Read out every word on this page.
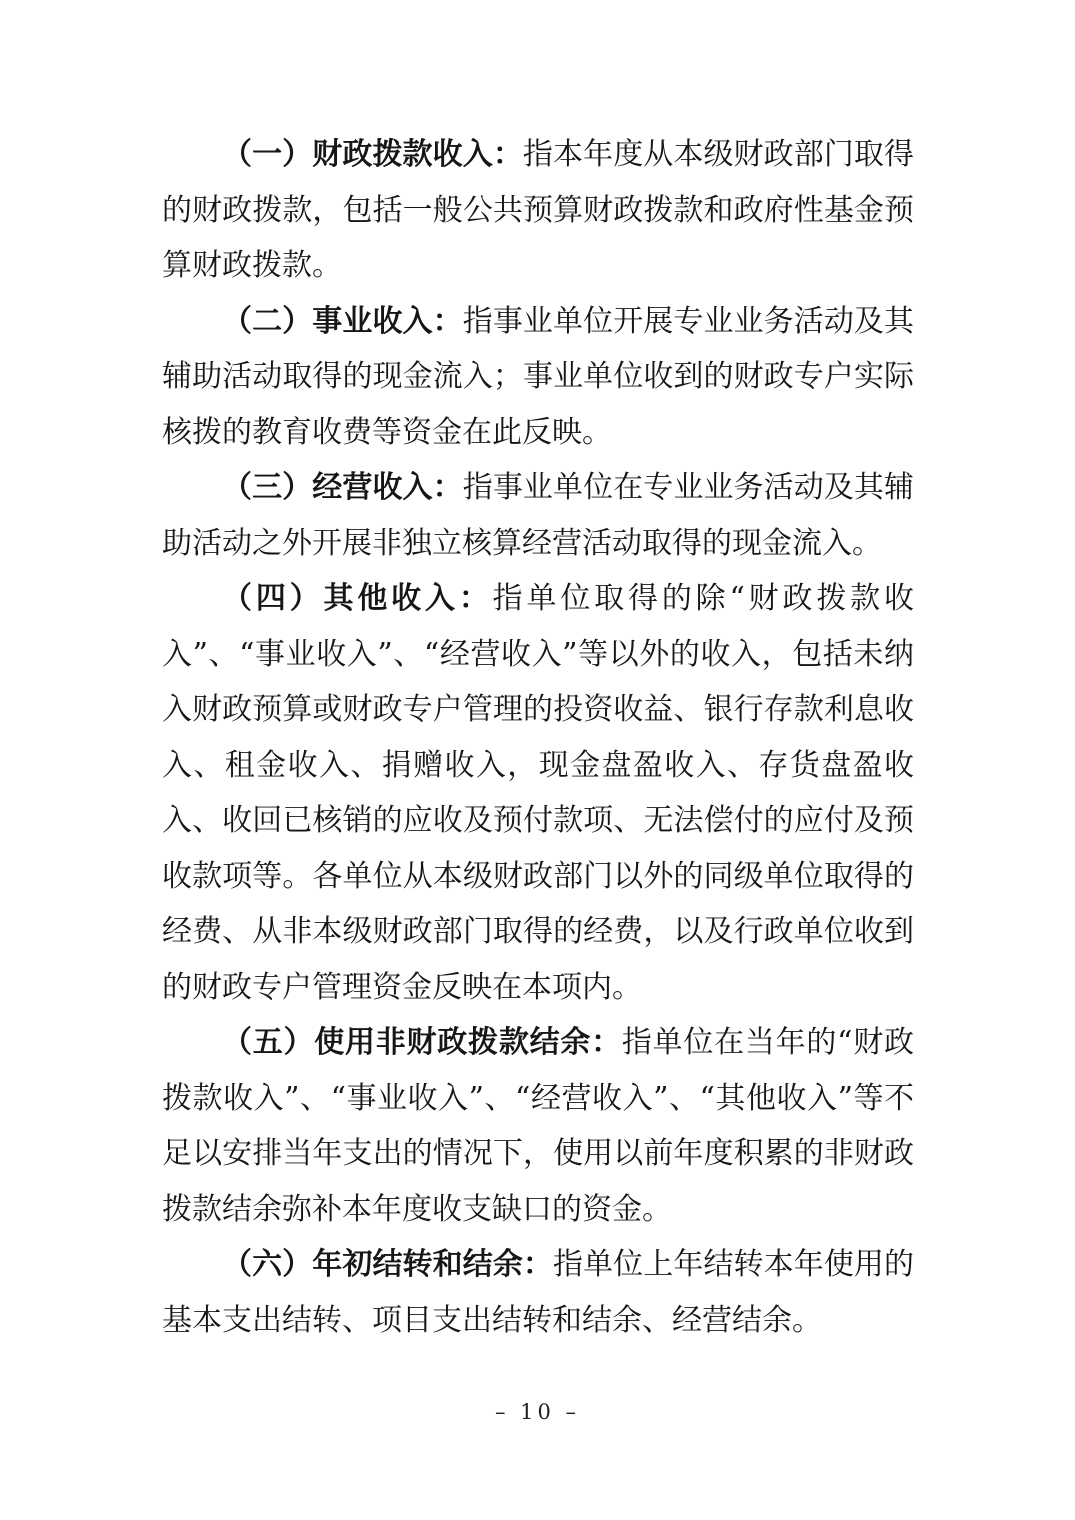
（一）财政拨款收入：指本年度从本级财政部门取得的财政拨款，包括一般公共预算财政拨款和政府性基金预算财政拨款。

（二）事业收入：指事业单位开展专业业务活动及其辅助活动取得的现金流入；事业单位收到的财政专户实际核拨的教育收费等资金在此反映。

（三）经营收入：指事业单位在专业业务活动及其辅助活动之外开展非独立核算经营活动取得的现金流入。

（四）其他收入：指单位取得的除“财政拨款收入”、“事业收入”、“经营收入”等以外的收入，包括未纳入财政预算或财政专户管理的投资收益、银行存款利息收入、租金收入、捐赠收入，现金盘盈收入、存货盘盈收入、收回已核销的应收及预付款项、无法偿付的应付及预收款项等。各单位从本级财政部门以外的同级单位取得的经费、从非本级财政部门取得的经费，以及行政单位收到的财政专户管理资金反映在本项内。

（五）使用非财政拨款结余：指单位在当年的“财政拨款收入”、“事业收入”、“经营收入”、“其他收入”等不足以安排当年支出的情况下，使用以前年度积累的非财政拨款结余弥补本年度收支缺口的资金。

（六）年初结转和结余：指单位上年结转本年使用的基本支出结转、项目支出结转和结余、经营结余。

– 10 –
